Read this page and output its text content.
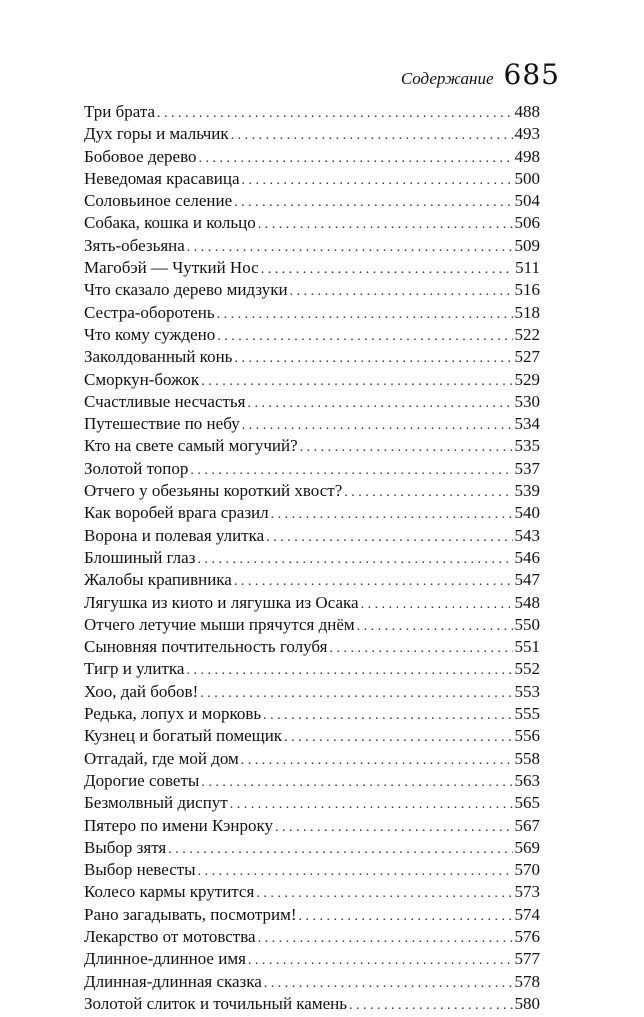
Содержание 685
Три брата . . .	488
Дух горы и мальчик . . .	493
Бобовое дерево . . .	498
Неведомая красавица . . .	500
Соловьиное селение . . .	504
Собака, кошка и кольцо . . .	506
Зять-обезьяна . . .	509
Магобэй — Чуткий Нос . . .	511
Что сказало дерево мидзуки . . .	516
Сестра-оборотень . . .	518
Что кому суждено . . .	522
Заколдованный конь . . .	527
Сморкун-божок . . .	529
Счастливые несчастья . . .	530
Путешествие по небу . . .	534
Кто на свете самый могучий? . . .	535
Золотой топор . . .	537
Отчего у обезьяны короткий хвост? . . .	539
Как воробей врага сразил . . .	540
Ворона и полевая улитка . . .	543
Блошиный глаз . . .	546
Жалобы крапивника . . .	547
Лягушка из киото и лягушка из Осака . . .	548
Отчего летучие мыши прячутся днём . . .	550
Сыновняя почтительность голубя . . .	551
Тигр и улитка . . .	552
Хоо, дай бобов! . . .	553
Редька, лопух и морковь . . .	555
Кузнец и богатый помещик . . .	556
Отгадай, где мой дом . . .	558
Дорогие советы . . .	563
Безмолвный диспут . . .	565
Пятеро по имени Кэнроку . . .	567
Выбор зятя . . .	569
Выбор невесты . . .	570
Колесо кармы крутится . . .	573
Рано загадывать, посмотрим! . . .	574
Лекарство от мотовства . . .	576
Длинное-длинное имя . . .	577
Длинная-длинная сказка . . .	578
Золотой слиток и точильный камень . . .	580
